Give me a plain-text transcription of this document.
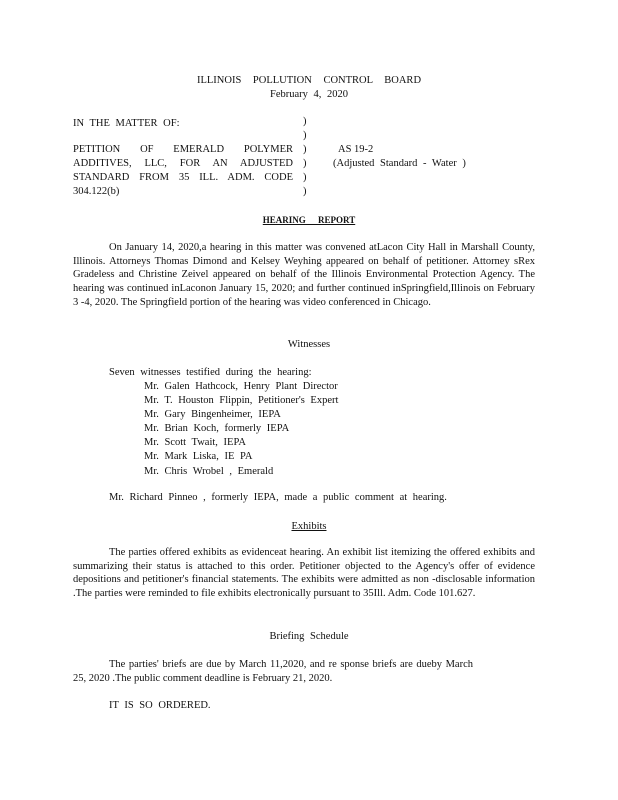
ILLINOIS POLLUTION CONTROL BOARD
February 4, 2020
IN THE MATTER OF:
PETITION OF EMERALD POLYMER
ADDITIVES, LLC, FOR AN ADJUSTED
STANDARD FROM 35 ILL. ADM. CODE
304.122(b)
)
)
)
)
)
)
AS 19-2
(Adjusted Standard - Water )
HEARING REPORT
On January 14, 2020,a hearing in this matter was convened atLacon City Hall in Marshall County, Illinois. Attorneys Thomas Dimond and Kelsey Weyhing appeared on behalf of petitioner. Attorney sRex Gradeless and Christine Zeivel appeared on behalf of the Illinois Environmental Protection Agency. The hearing was continued inLaconon January 15, 2020; and further continued inSpringfield,Illinois on February 3 -4, 2020. The Springfield portion of the hearing was video conferenced in Chicago.
Witnesses
Seven witnesses testified during the hearing:
Mr. Galen Hathcock, Henry Plant Director
Mr. T. Houston Flippin, Petitioner's Expert
Mr. Gary Bingenheimer, IEPA
Mr. Brian Koch, formerly IEPA
Mr. Scott Twait, IEPA
Mr. Mark Liska, IE PA
Mr. Chris Wrobel , Emerald
Mr. Richard Pinneo , formerly IEPA, made a public comment at hearing.
Exhibits
The parties offered exhibits as evidenceat hearing. An exhibit list itemizing the offered exhibits and summarizing their status is attached to this order. Petitioner objected to the Agency's offer of evidence depositions and petitioner's financial statements. The exhibits were admitted as non -disclosable information .The parties were reminded to file exhibits electronically pursuant to 35Ill. Adm. Code 101.627.
Briefing Schedule
The parties' briefs are due by March 11,2020, and re sponse briefs are dueby March 25, 2020 .The public comment deadline is February 21, 2020.
IT IS SO ORDERED.
